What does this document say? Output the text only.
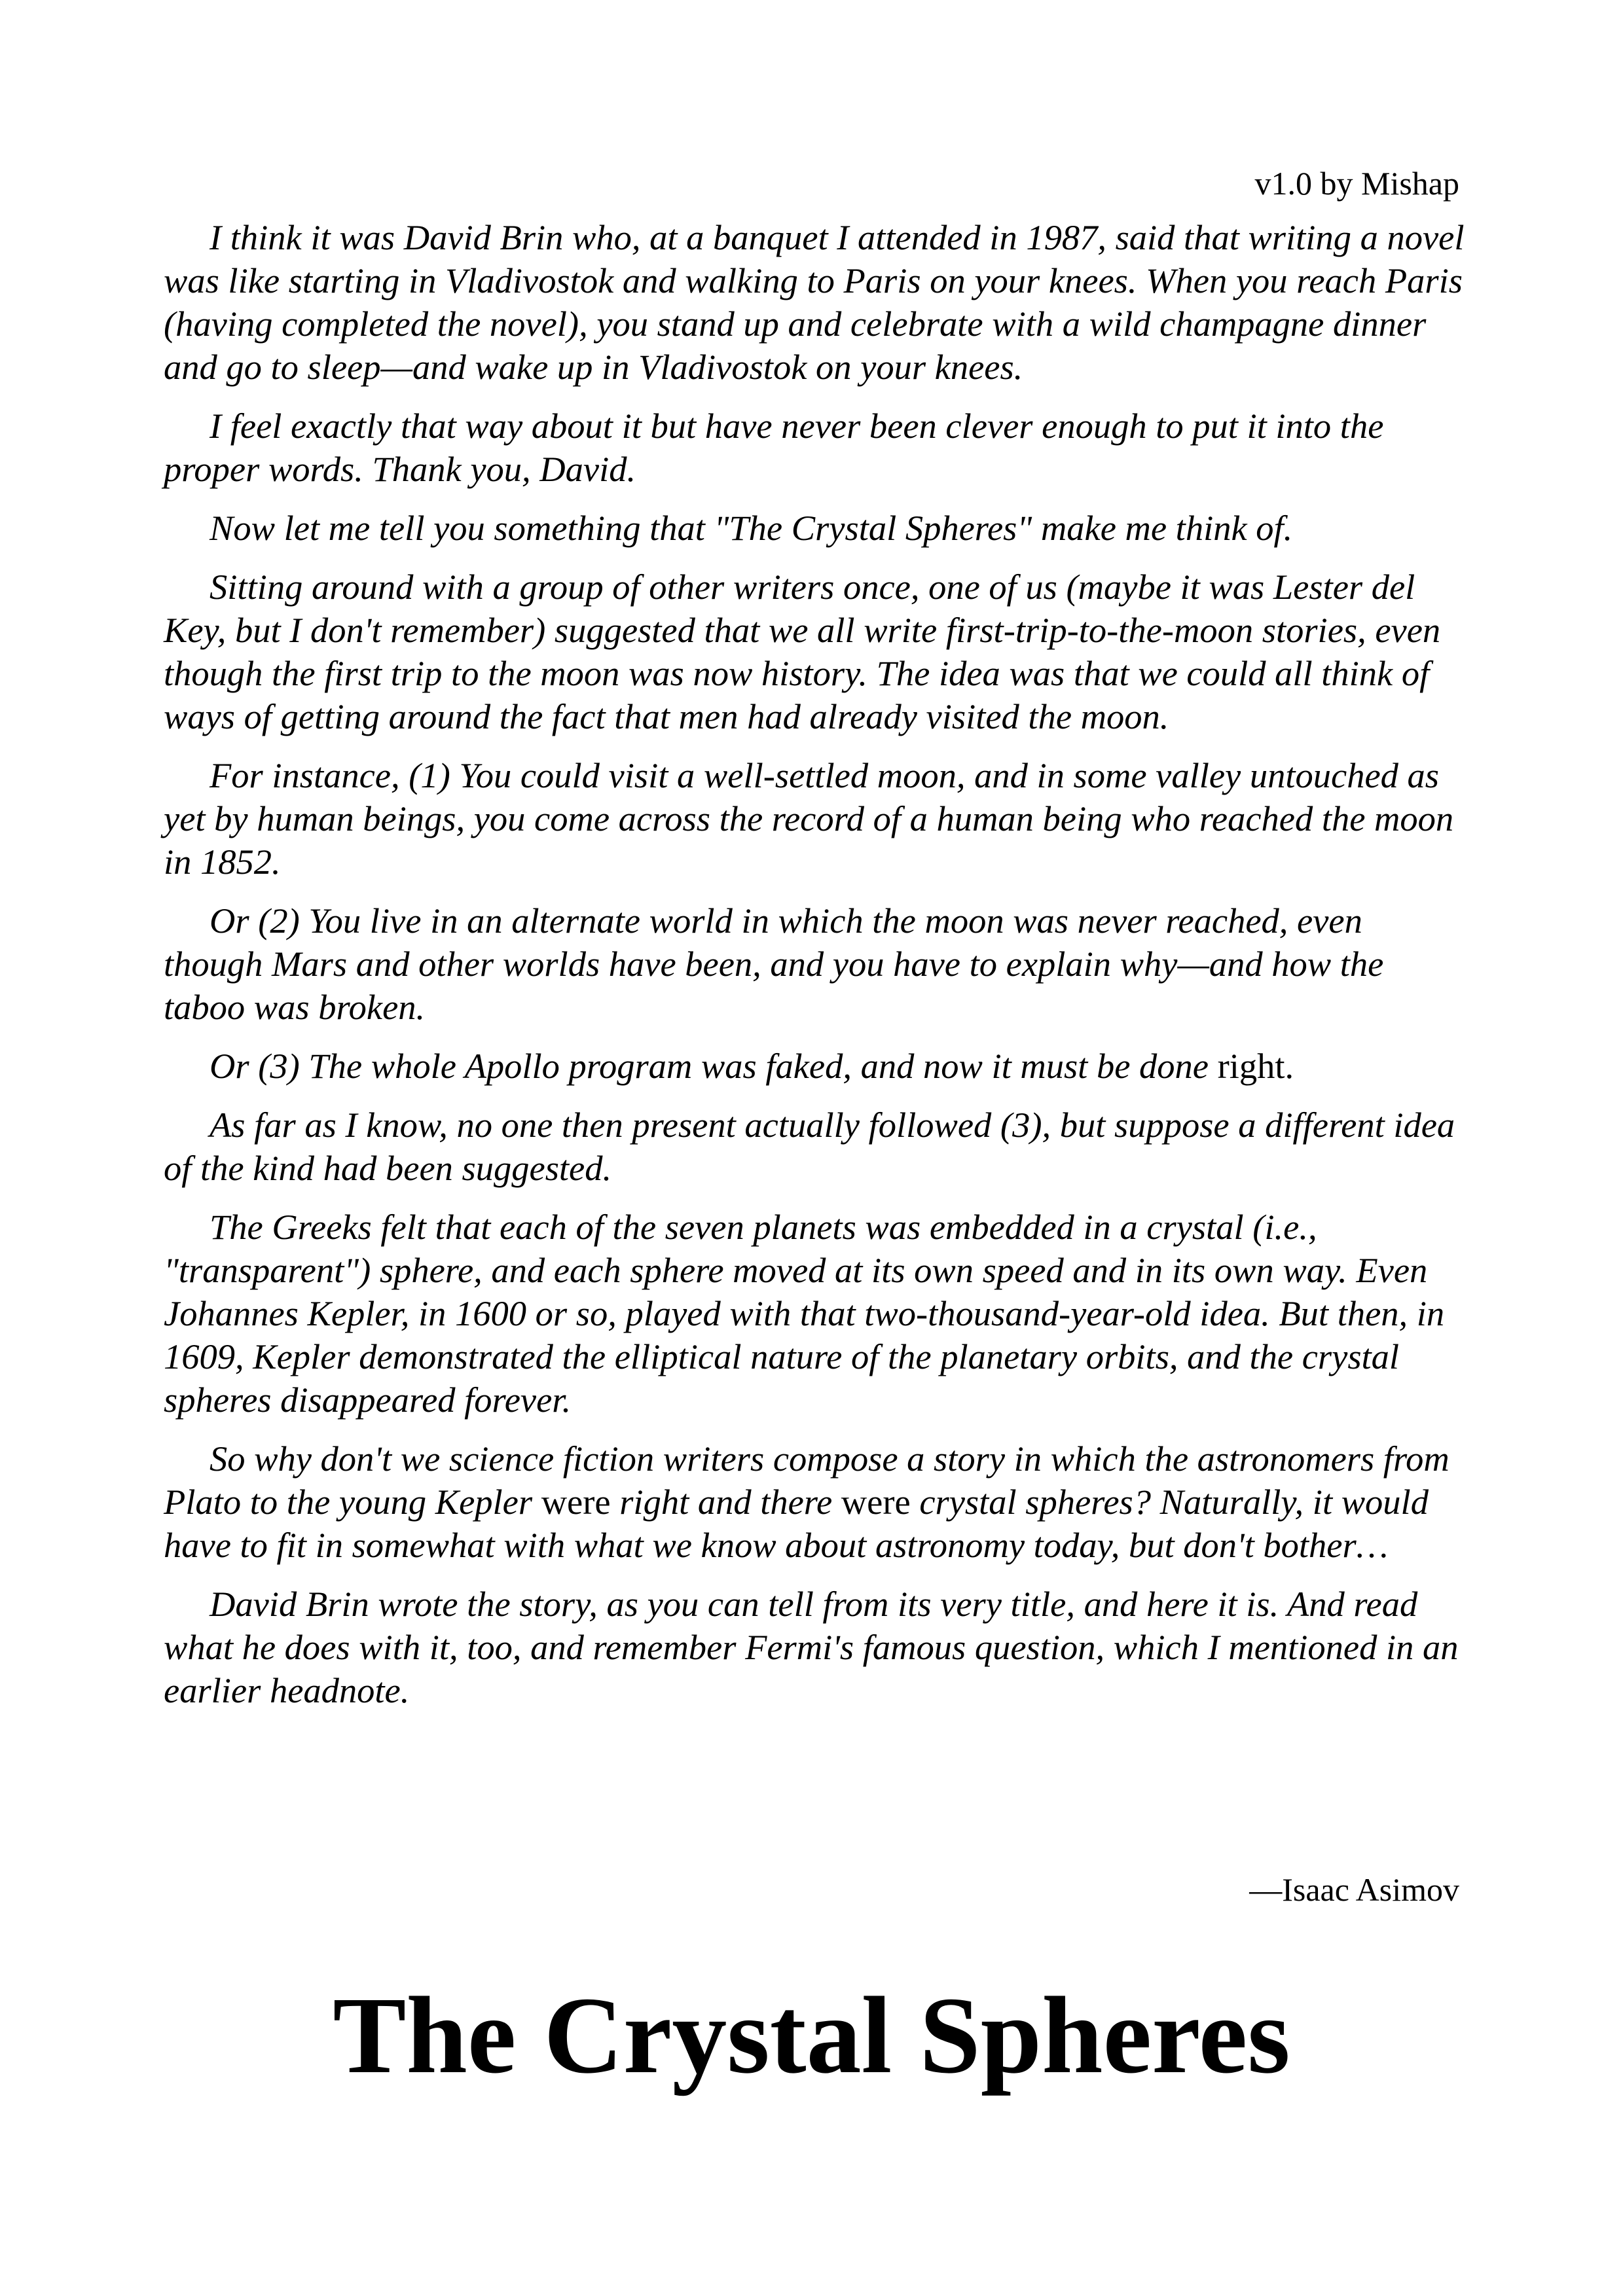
v1.0 by Mishap

I think it was David Brin who, at a banquet I attended in 1987, said that writing a novel was like starting in Vladivostok and walking to Paris on your knees. When you reach Paris (having completed the novel), you stand up and celebrate with a wild champagne dinner and go to sleep—and wake up in Vladivostok on your knees.

I feel exactly that way about it but have never been clever enough to put it into the proper words. Thank you, David.

Now let me tell you something that "The Crystal Spheres" make me think of.

Sitting around with a group of other writers once, one of us (maybe it was Lester del Key, but I don't remember) suggested that we all write first-trip-to-the-moon stories, even though the first trip to the moon was now history. The idea was that we could all think of ways of getting around the fact that men had already visited the moon.

For instance, (1) You could visit a well-settled moon, and in some valley untouched as yet by human beings, you come across the record of a human being who reached the moon in 1852.

Or (2) You live in an alternate world in which the moon was never reached, even though Mars and other worlds have been, and you have to explain why—and how the taboo was broken.

Or (3) The whole Apollo program was faked, and now it must be done right.

As far as I know, no one then present actually followed (3), but suppose a different idea of the kind had been suggested.

The Greeks felt that each of the seven planets was embedded in a crystal (i.e., "transparent") sphere, and each sphere moved at its own speed and in its own way. Even Johannes Kepler, in 1600 or so, played with that two-thousand-year-old idea. But then, in 1609, Kepler demonstrated the elliptical nature of the planetary orbits, and the crystal spheres disappeared forever.

So why don't we science fiction writers compose a story in which the astronomers from Plato to the young Kepler were right and there were crystal spheres? Naturally, it would have to fit in somewhat with what we know about astronomy today, but don't bother…

David Brin wrote the story, as you can tell from its very title, and here it is. And read what he does with it, too, and remember Fermi's famous question, which I mentioned in an earlier headnote.

—Isaac Asimov
The Crystal Spheres
